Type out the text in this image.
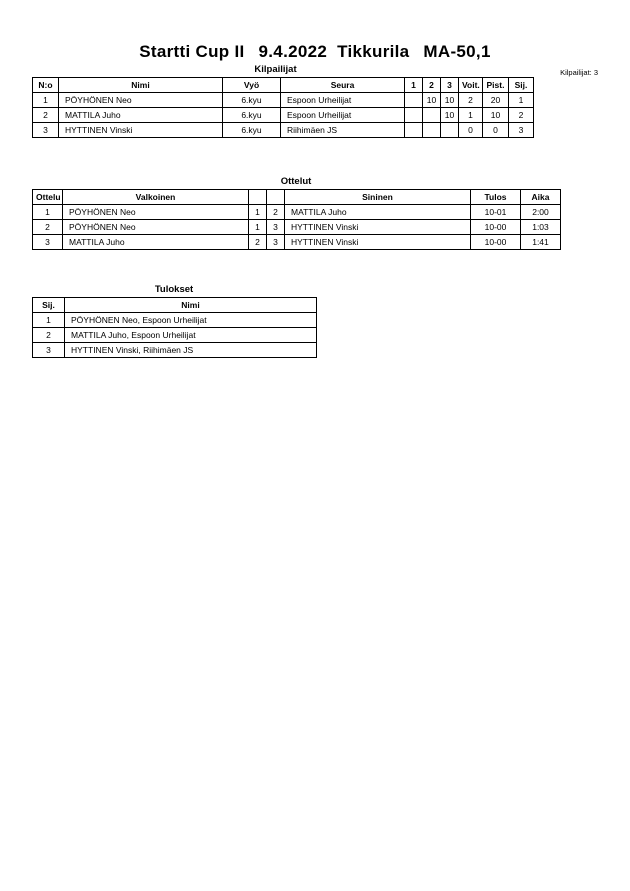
Startti Cup II 9.4.2022 Tikkurila MA-50,1
Kilpailijat: 3
Kilpailijat
N:o	Nimi	Vyö	Seura	1	2	3	Voit.	Pist.	Sij.
1	PÖYHÖNEN Neo	6.kyu	Espoon Urheilijat		10	10	2	20	1
2	MATTILA Juho	6.kyu	Espoon Urheilijat			10	1	10	2
3	HYTTINEN Vinski	6.kyu	Riihimäen JS				0	0	3
Ottelut
Ottelu	Valkoinen			Sininen	Tulos	Aika
1	PÖYHÖNEN Neo	1	2	MATTILA Juho	10-01	2:00
2	PÖYHÖNEN Neo	1	3	HYTTINEN Vinski	10-00	1:03
3	MATTILA Juho	2	3	HYTTINEN Vinski	10-00	1:41
Tulokset
Sij.	Nimi
1	PÖYHÖNEN Neo, Espoon Urheilijat
2	MATTILA Juho, Espoon Urheilijat
3	HYTTINEN Vinski, Riihimäen JS
